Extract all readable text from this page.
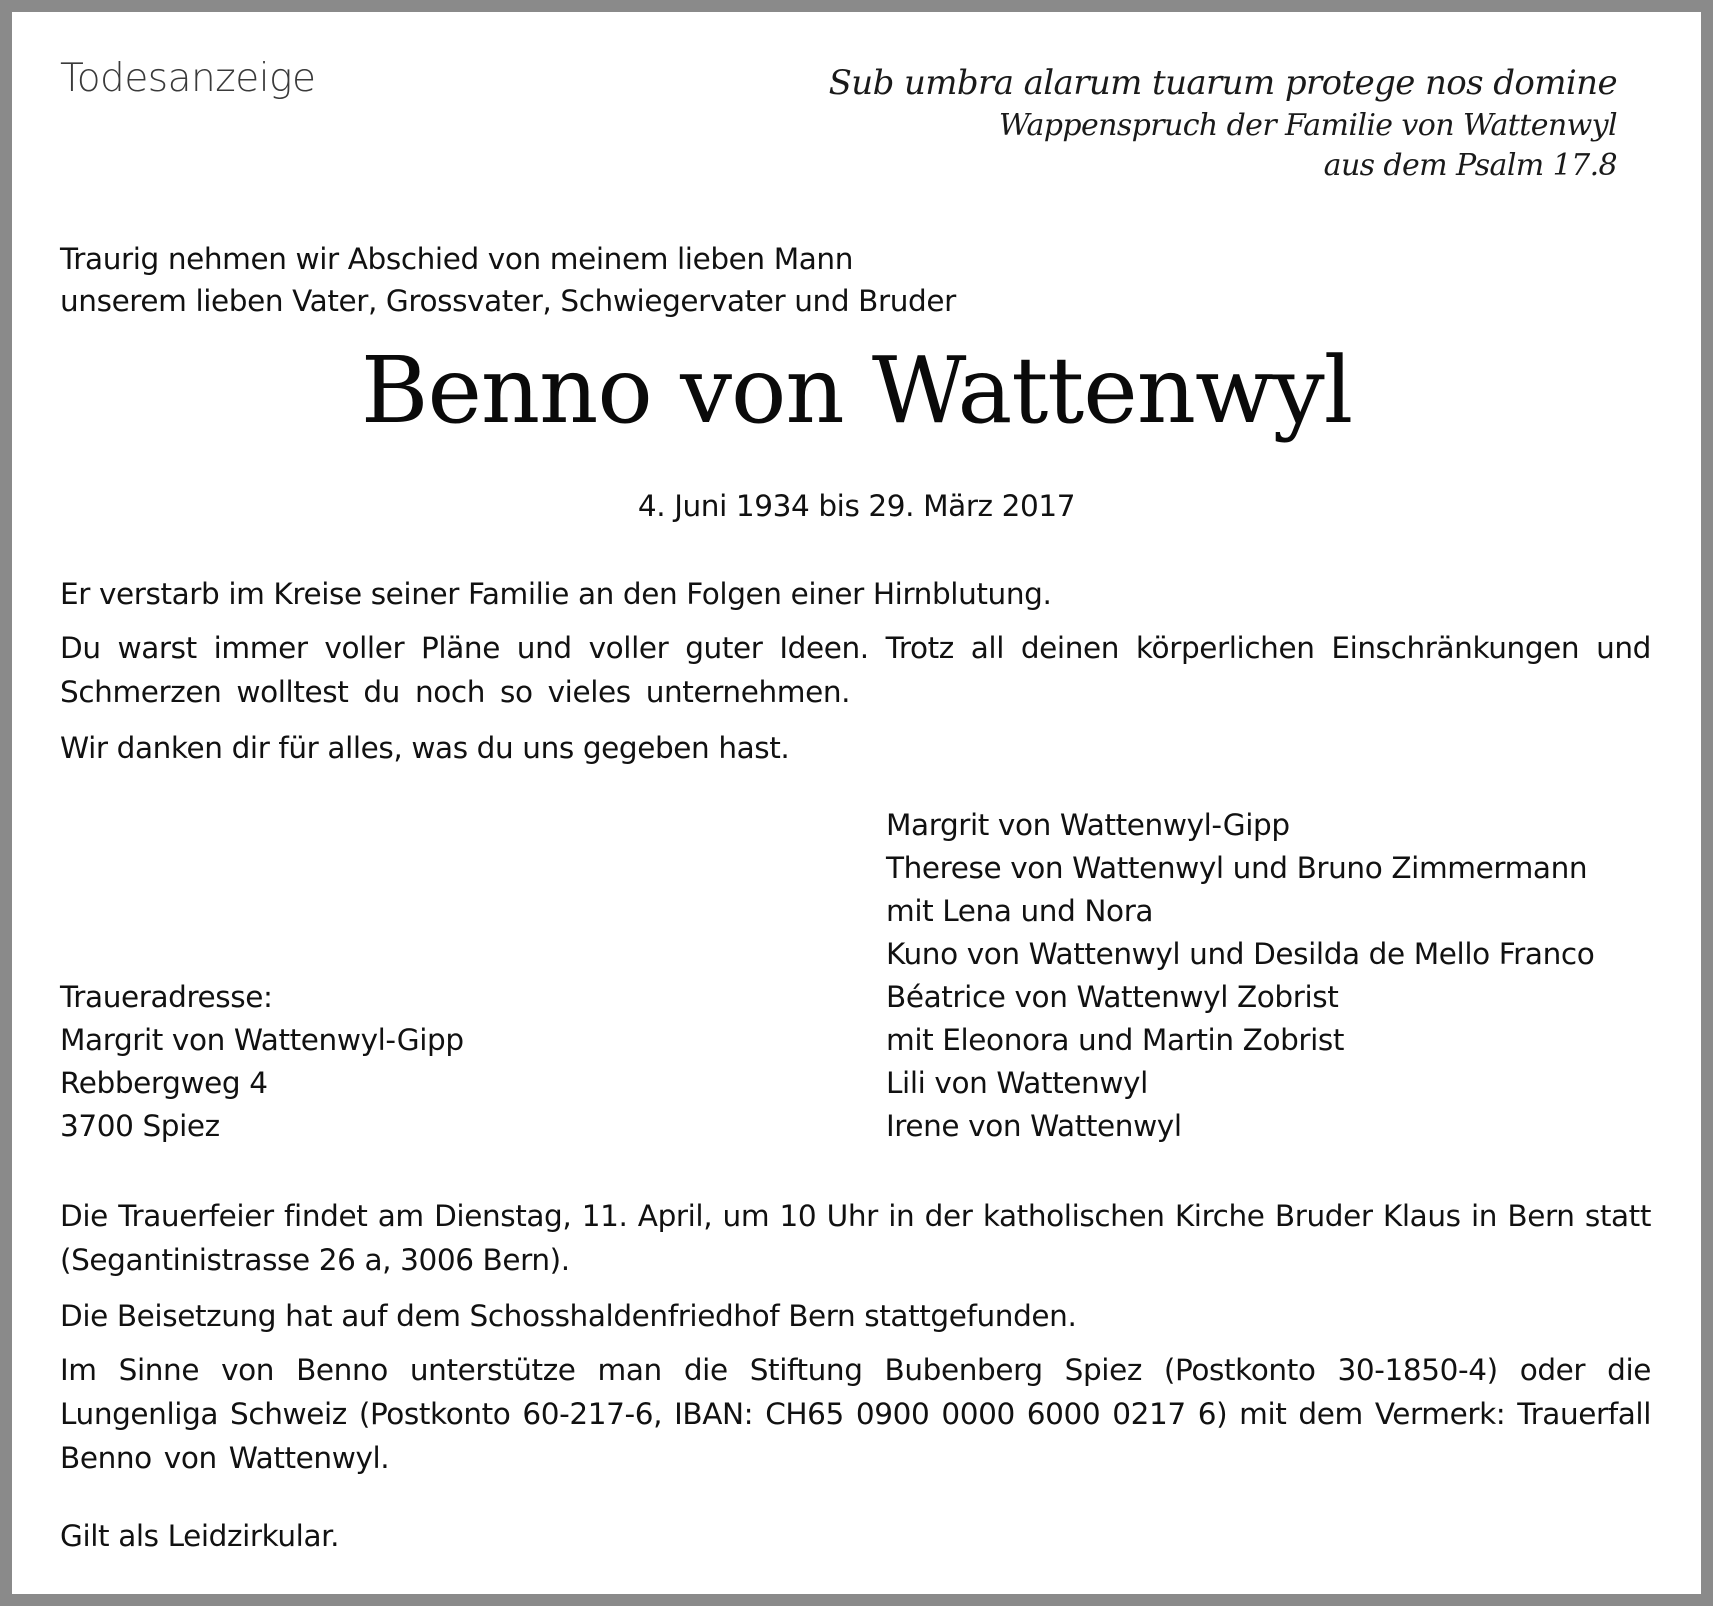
Todesanzeige	Sub umbra alarum tuarum protege nos domine
Wappenspruch der Familie von Wattenwyl
aus dem Psalm 17.8
Traurig nehmen wir Abschied von meinem lieben Mann
unserem lieben Vater, Grossvater, Schwiegervater und Bruder
Benno von Wattenwyl
4. Juni 1934 bis 29. März 2017

Er verstarb im Kreise seiner Familie an den Folgen einer Hirnblutung.

Du warst immer voller Pläne und voller guter Ideen. Trotz all deinen körperlichen Einschränkungen und Schmerzen wolltest du noch so vieles unternehmen.

Wir danken dir für alles, was du uns gegeben hast.

Margrit von Wattenwyl-Gipp
Therese von Wattenwyl und Bruno Zimmermann
mit Lena und Nora
Kuno von Wattenwyl und Desilda de Mello Franco
Béatrice von Wattenwyl Zobrist
mit Eleonora und Martin Zobrist
Lili von Wattenwyl
Irene von Wattenwyl
Traueradresse:
Margrit von Wattenwyl-Gipp
Rebbergweg 4
3700 Spiez

Die Trauerfeier findet am Dienstag, 11. April, um 10 Uhr in der katholischen Kirche Bruder Klaus in Bern statt (Segantinistrasse 26 a, 3006 Bern).

Die Beisetzung hat auf dem Schosshaldenfriedhof Bern stattgefunden.

Im Sinne von Benno unterstütze man die Stiftung Bubenberg Spiez (Postkonto 30-1850-4) oder die Lungenliga Schweiz (Postkonto 60-217-6, IBAN: CH65 0900 0000 6000 0217 6) mit dem Vermerk: Trauerfall Benno von Wattenwyl.

Gilt als Leidzirkular.
